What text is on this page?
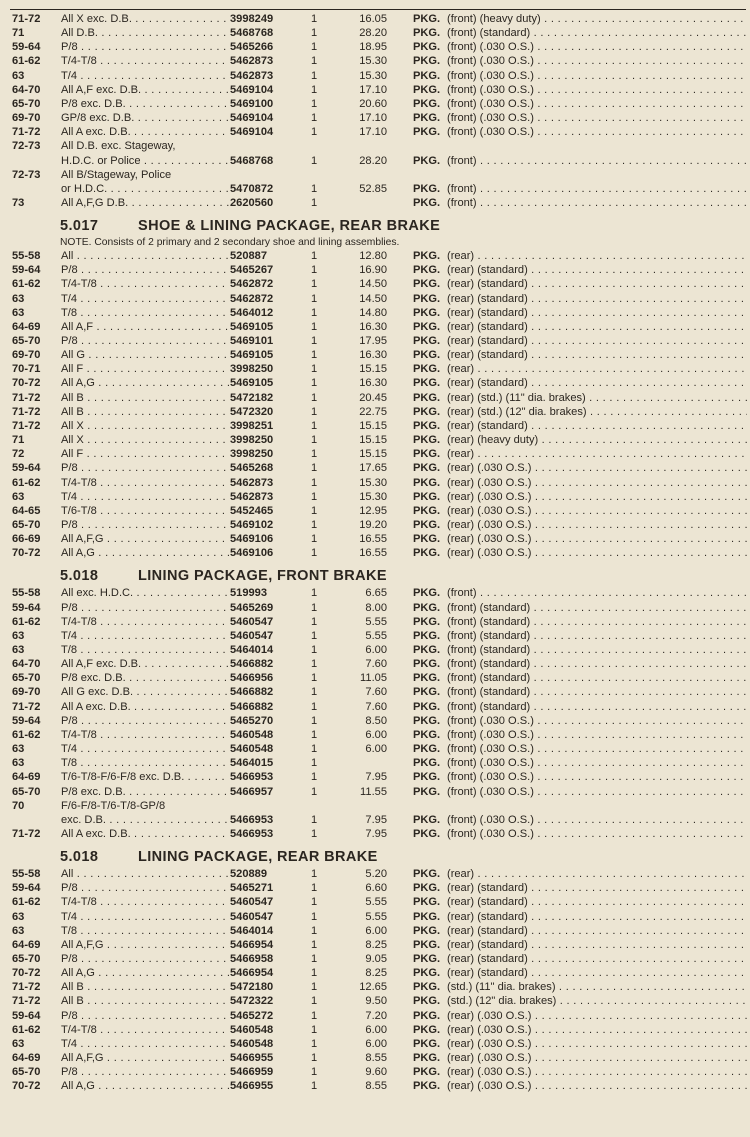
71-72	All X exc. D.B. . . .	3998249	1	16.05 PKG. (front) (heavy duty) . . .
71	All D.B. . . .	5468768	1	28.20 PKG. (front) (standard) . . .
59-64	P/8 . . .	5465266	1	18.95 PKG. (front) (.030 O.S.) . . .
61-62	T/4-T/8 . . .	5462873	1	15.30 PKG. (front) (.030 O.S.) . . .
63	T/4 . . .	5462873	1	15.30 PKG. (front) (.030 O.S.) . . .
64-70	All A,F exc. D.B. . . .	5469104	1	17.10 PKG. (front) (.030 O.S.) . . .
65-70	P/8 exc. D.B. . . .	5469100	1	20.60 PKG. (front) (.030 O.S.) . . .
69-70	GP/8 exc. D.B. . . .	5469104	1	17.10 PKG. (front) (.030 O.S.) . . .
71-72	All A exc. D.B. . . .	5469104	1	17.10 PKG. (front) (.030 O.S.) . . .
72-73	All D.B. exc. Stageway,
H.D.C. or Police . . .	5468768	1	28.20 PKG. (front) . . .
72-73	All B/Stageway, Police
or H.D.C. . . .	5470872	1	52.85 PKG. (front) . . .
73	All A,F,G D.B. . . .	2620560	1	PKG. (front) . . .
5.017	SHOE & LINING PACKAGE, REAR BRAKE
NOTE. Consists of 2 primary and 2 secondary shoe and lining assemblies.
55-58	All . . .	520887	1	12.80 PKG. (rear) . . .
59-64	P/8 . . .	5465267	1	16.90 PKG. (rear) (standard) . . .
61-62	T/4-T/8 . . .	5462872	1	14.50 PKG. (rear) (standard) . . .
63	T/4 . . .	5462872	1	14.50 PKG. (rear) (standard) . . .
63	T/8 . . .	5464012	1	14.80 PKG. (rear) (standard) . . .
64-69	All A,F . . .	5469105	1	16.30 PKG. (rear) (standard) . . .
65-70	P/8 . . .	5469101	1	17.95 PKG. (rear) (standard) . . .
69-70	All G . . .	5469105	1	16.30 PKG. (rear) (standard) . . .
70-71	All F . . .	3998250	1	15.15 PKG. (rear) . . .
70-72	All A,G . . .	5469105	1	16.30 PKG. (rear) (standard) . . .
71-72	All B . . .	5472182	1	20.45 PKG. (rear) (std.) (11" dia. brakes) . . .
71-72	All B . . .	5472320	1	22.75 PKG. (rear) (std.) (12" dia. brakes) . . .
71-72	All X . . .	3998251	1	15.15 PKG. (rear) (standard) . . .
71	All X . . .	3998250	1	15.15 PKG. (rear) (heavy duty) . . .
72	All F . . .	3998250	1	15.15 PKG. (rear) . . .
59-64	P/8 . . .	5465268	1	17.65 PKG. (rear) (.030 O.S.) . . .
61-62	T/4-T/8 . . .	5462873	1	15.30 PKG. (rear) (.030 O.S.) . . .
63	T/4 . . .	5462873	1	15.30 PKG. (rear) (.030 O.S.) . . .
64-65	T/6-T/8 . . .	5452465	1	12.95 PKG. (rear) (.030 O.S.) . . .
65-70	P/8 . . .	5469102	1	19.20 PKG. (rear) (.030 O.S.) . . .
66-69	All A,F,G . . .	5469106	1	16.55 PKG. (rear) (.030 O.S.) . . .
70-72	All A,G . . .	5469106	1	16.55 PKG. (rear) (.030 O.S.) . . .
5.018	LINING PACKAGE, FRONT BRAKE
55-58	All exc. H.D.C. . . .	519993	1	6.65 PKG. (front) . . .
59-64	P/8 . . .	5465269	1	8.00 PKG. (front) (standard) . . .
61-62	T/4-T/8 . . .	5460547	1	5.55 PKG. (front) (standard) . . .
63	T/4 . . .	5460547	1	5.55 PKG. (front) (standard) . . .
63	T/8 . . .	5464014	1	6.00 PKG. (front) (standard) . . .
64-70	All A,F exc. D.B. . . .	5466882	1	7.60 PKG. (front) (standard) . . .
65-70	P/8 exc. D.B. . . .	5466956	1	11.05 PKG. (front) (standard) . . .
69-70	All G exc. D.B. . . .	5466882	1	7.60 PKG. (front) (standard) . . .
71-72	All A exc. D.B. . . .	5466882	1	7.60 PKG. (front) (standard) . . .
59-64	P/8 . . .	5465270	1	8.50 PKG. (front) (.030 O.S.) . . .
61-62	T/4-T/8 . . .	5460548	1	6.00 PKG. (front) (.030 O.S.) . . .
63	T/4 . . .	5460548	1	6.00 PKG. (front) (.030 O.S.) . . .
63	T/8 . . .	5464015	1	PKG. (front) (.030 O.S.) . . .
64-69	T/6-T/8-F/6-F/8 exc. D.B. . . .	5466953	1	7.95 PKG. (front) (.030 O.S.) . . .
65-70	P/8 exc. D.B. . . .	5466957	1	11.55 PKG. (front) (.030 O.S.) . . .
70	F/6-F/8-T/6-T/8-GP/8
exc. D.B. . . .	5466953	1	7.95 PKG. (front) (.030 O.S.) . . .
71-72	All A exc. D.B. . . .	5466953	1	7.95 PKG. (front) (.030 O.S.) . . .
5.018	LINING PACKAGE, REAR BRAKE
55-58	All . . .	520889	1	5.20 PKG. (rear) . . .
59-64	P/8 . . .	5465271	1	6.60 PKG. (rear) (standard) . . .
61-62	T/4-T/8 . . .	5460547	1	5.55 PKG. (rear) (standard) . . .
63	T/4 . . .	5460547	1	5.55 PKG. (rear) (standard) . . .
63	T/8 . . .	5464014	1	6.00 PKG. (rear) (standard) . . .
64-69	All A,F,G . . .	5466954	1	8.25 PKG. (rear) (standard) . . .
65-70	P/8 . . .	5466958	1	9.05 PKG. (rear) (standard) . . .
70-72	All A,G . . .	5466954	1	8.25 PKG. (rear) (standard) . . .
71-72	All B . . .	5472180	1	12.65 PKG. (std.) (11" dia. brakes) . . .
71-72	All B . . .	5472322	1	9.50 PKG. (std.) (12" dia. brakes) . . .
59-64	P/8 . . .	5465272	1	7.20 PKG. (rear) (.030 O.S.) . . .
61-62	T/4-T/8 . . .	5460548	1	6.00 PKG. (rear) (.030 O.S.) . . .
63	T/4 . . .	5460548	1	6.00 PKG. (rear) (.030 O.S.) . . .
64-69	All A,F,G . . .	5466955	1	8.55 PKG. (rear) (.030 O.S.) . . .
65-70	P/8 . . .	5466959	1	9.60 PKG. (rear) (.030 O.S.) . . .
70-72	All A,G . . .	5466955	1	8.55 PKG. (rear) (.030 O.S.) . . .
